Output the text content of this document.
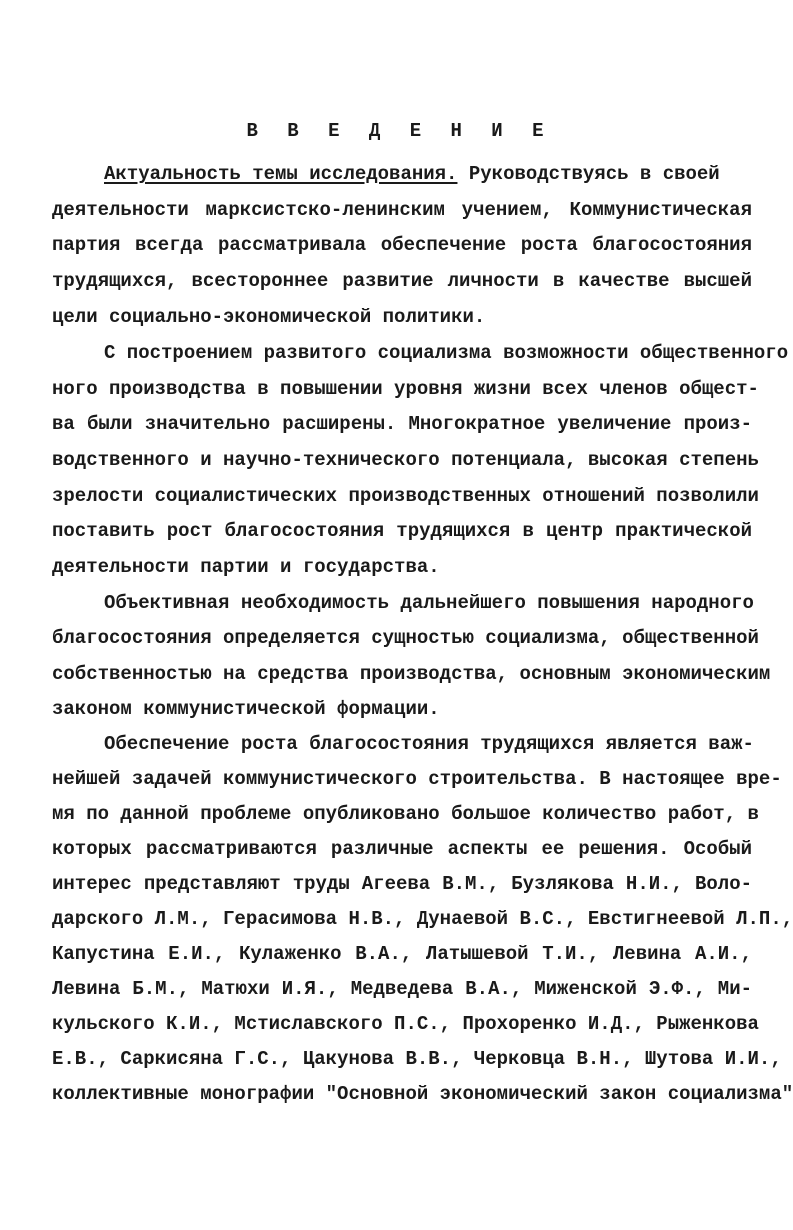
В В Е Д Е Н И Е
Актуальность темы исследования. Руководствуясь в своей
деятельности марксистско-ленинским учением, Коммунистическая
партия всегда рассматривала обеспечение роста благосостояния
трудящихся, всестороннее развитие личности в качестве высшей
цели социально-экономической политики.
С построением развитого социализма возможности общественного
ного производства в повышении уровня жизни всех членов общест-
ва были значительно расширены. Многократное увеличение произ-
водственного и научно-технического потенциала, высокая степень
зрелости социалистических производственных отношений позволили
поставить рост благосостояния трудящихся в центр практической
деятельности партии и государства.
Объективная необходимость дальнейшего повышения народного
благосостояния определяется сущностью социализма, общественной
собственностью на средства производства, основным экономическим
законом коммунистической формации.
Обеспечение роста благосостояния трудящихся является важ-
нейшей задачей коммунистического строительства. В настоящее вре-
мя по данной проблеме опубликовано большое количество работ, в
которых рассматриваются различные аспекты ее решения. Особый
интерес представляют труды Агеева В.М., Бузлякова Н.И., Воло-
дарского Л.М., Герасимова Н.В., Дунаевой В.С., Евстигнеевой Л.П.,
Капустина Е.И., Кулаженко В.А., Латышевой Т.И., Левина А.И.,
Левина Б.М., Матюхи И.Я., Медведева В.А., Миженской Э.Ф., Ми-
кульского К.И., Мстиславского П.С., Прохоренко И.Д., Рыженкова
Е.В., Саркисяна Г.С., Цакунова В.В., Черковца В.Н., Шутова И.И.,
коллективные монографии "Основной экономический закон социализма"
